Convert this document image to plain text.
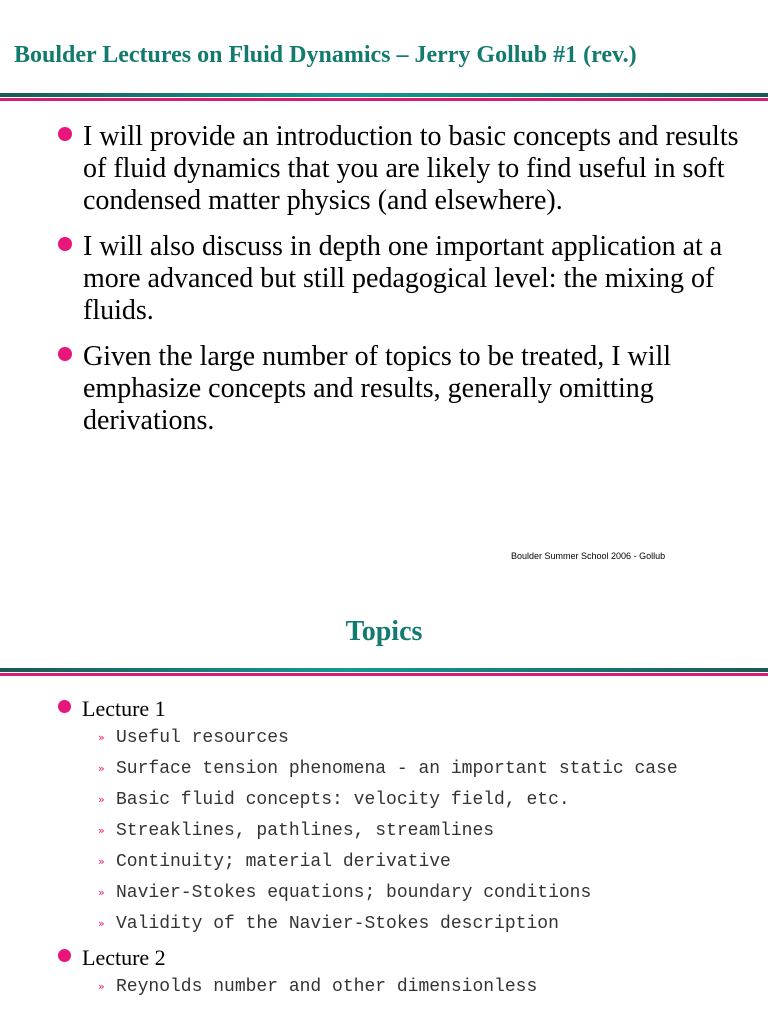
Boulder Lectures on Fluid Dynamics – Jerry Gollub #1 (rev.)
I will provide an introduction to basic concepts and results of fluid dynamics that you are likely to find useful in soft condensed matter physics (and elsewhere).
I will also discuss in depth one important application at a more advanced but still pedagogical level: the mixing of fluids.
Given the large number of topics to be treated, I will emphasize concepts and results, generally omitting derivations.
Boulder Summer School 2006 - Gollub
Topics
Lecture 1
» Useful resources
» Surface tension phenomena - an important static case
» Basic fluid concepts: velocity field, etc.
» Streaklines, pathlines, streamlines
» Continuity; material derivative
» Navier-Stokes equations; boundary conditions
» Validity of the Navier-Stokes description
Lecture 2
» Reynolds number and other dimensionless
